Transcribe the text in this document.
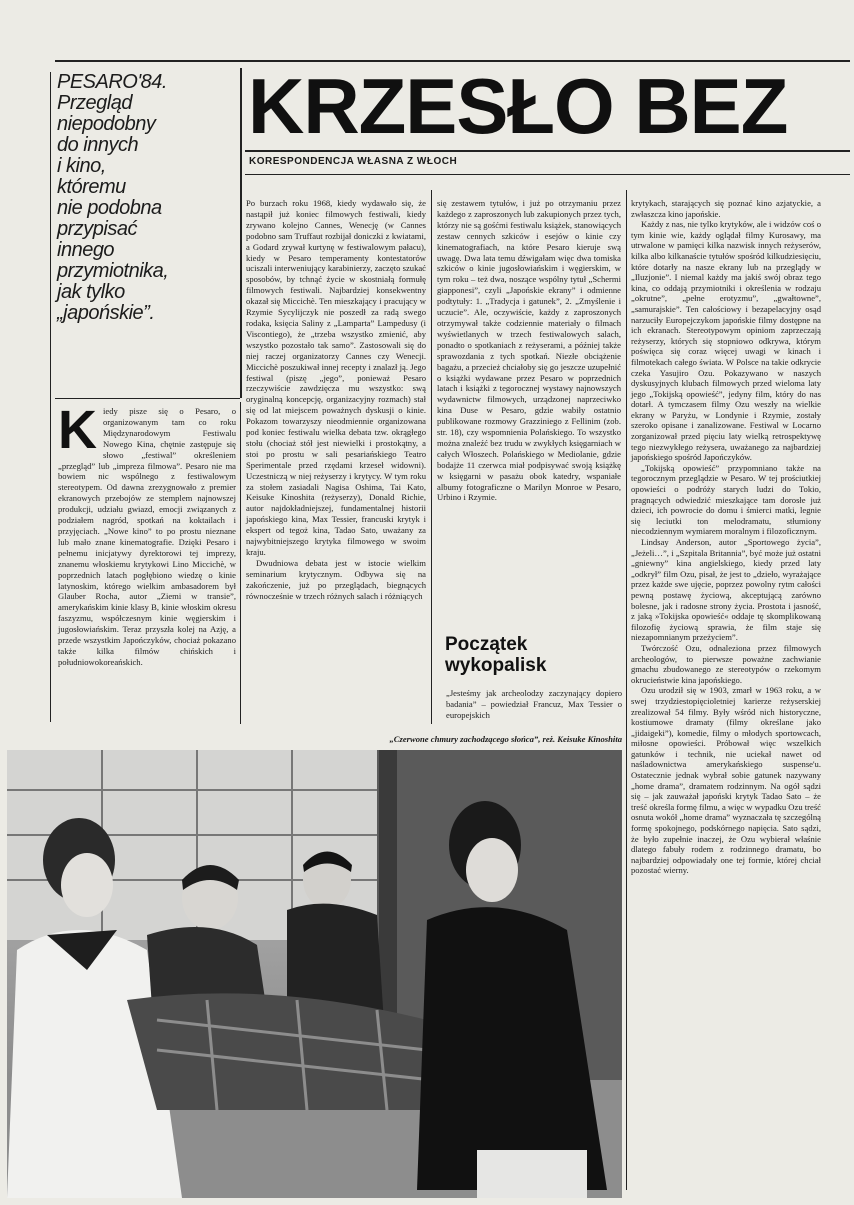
PESARO'84.
Przegląd
niepodobny
do innych
i kino,
któremu
nie podobna
przypisać
innego
przymiotnika,
jak tylko
„japońskie”.
KRZESŁO BEZ
KORESPONDENCJA WŁASNA Z WŁOCH

Kiedy pisze się o Pesaro, o organizowanym tam co roku Międzynarodowym Festiwalu Nowego Kina, chętnie zastępuje się słowo „festiwal” określeniem „przegląd” lub „impreza filmowa”. Pesaro nie ma bowiem nic wspólnego z festiwalowym stereotypem. Od dawna zrezygnowało z premier ekranowych przebojów ze stemplem najnowszej produkcji, udziału gwiazd, emocji związanych z podziałem nagród, spotkań na koktailach i przyjęciach. „Nowe kino” to po prostu nieznane lub mało znane kinematografie. Dzięki Pesaro i pełnemu inicjatywy dyrektorowi tej imprezy, znanemu włoskiemu krytykowi Lino Miccichè, w poprzednich latach pogłębiono wiedzę o kinie latynoskim, którego wielkim ambasadorem był Glauber Rocha, autor „Ziemi w transie”, amerykańskim kinie klasy B, kinie włoskim okresu faszyzmu, współczesnym kinie węgierskim i jugosłowiańskim. Teraz przyszła kolej na Azję, a przede wszystkim Japończyków, chociaż pokazano także kilka filmów chińskich i południowokoreańskich.

Po burzach roku 1968, kiedy wydawało się, że nastąpił już koniec filmowych festiwali, kiedy zrywano kolejno Cannes, Wenecję (w Cannes podobno sam Truffaut rozbijał doniczki z kwiatami, a Godard zrywał kurtynę w festiwalowym pałacu), kiedy w Pesaro temperamenty kontestatorów uciszali interweniujący karabinierzy, zaczęto szukać sposobów, by tchnąć życie w skostniałą formułę filmowych festiwali. Najbardziej konsekwentny okazał się Miccichè. Ten mieszkający i pracujący w Rzymie Sycylijczyk nie poszedł za radą swego rodaka, księcia Saliny z „Lamparta” Lampedusy (i Viscontiego), że „trzeba wszystko zmienić, aby wszystko pozostało tak samo”. Zastosowali się do niej raczej organizatorzy Cannes czy Wenecji. Miccichè poszukiwał innej recepty i znalazł ją. Jego festiwal (piszę „jego”, ponieważ Pesaro rzeczywiście zawdzięcza mu wszystko: swą oryginalną koncepcję, organizacyjny rozmach) stał się od lat miejscem poważnych dyskusji o kinie. Pokazom towarzyszy nieodmiennie organizowana pod koniec festiwalu wielka debata tzw. okrągłego stołu (chociaż stół jest niewielki i prostokątny, a stoi po prostu w sali pesariańskiego Teatro Sperimentale przed rzędami krzeseł widowni). Uczestniczą w niej reżyserzy i krytycy. W tym roku za stołem zasiadali Nagisa Oshima, Tai Kato, Keisuke Kinoshita (reżyserzy), Donald Richie, autor najdokładniejszej, fundamentalnej historii japońskiego kina, Max Tessier, francuski krytyk i ekspert od tegoż kina, Tadao Sato, uważany za najwybitniejszego krytyka filmowego w swoim kraju.

Dwudniowa debata jest w istocie wielkim seminarium krytycznym. Odbywa się na zakończenie, już po przeglądach, biegnących równocześnie w trzech różnych salach i różniących

się zestawem tytułów, i już po otrzymaniu przez każdego z zaproszonych lub zakupionych przez tych, którzy nie są gośćmi festiwalu książek, stanowiących zestaw cennych szkiców i esejów o kinie czy kinematografiach, na które Pesaro kieruje swą uwagę. Dwa lata temu dźwigałam więc dwa tomiska szkiców o kinie jugosłowiańskim i węgierskim, w tym roku – też dwa, noszące wspólny tytuł „Schermi giapponesi”, czyli „Japońskie ekrany” i odmienne podtytuły: 1. „Tradycja i gatunek”, 2. „Zmyślenie i uczucie”. Ale, oczywiście, każdy z zaproszonych otrzymywał także codziennie materiały o filmach wyświetlanych w trzech festiwalowych salach, ponadto o spotkaniach z reżyserami, a później także sprawozdania z tych spotkań. Niezłe obciążenie bagażu, a przecież chciałoby się go jeszcze uzupełnić o książki wydawane przez Pesaro w poprzednich latach i książki z tegorocznej wystawy najnowszych wydawnictw filmowych, urządzonej naprzeciwko kina Duse w Pesaro, gdzie wabiły ostatnio publikowane rozmowy Grazziniego z Fellinim (zob. str. 18), czy wspomnienia Polańskiego. To wszystko można znaleźć bez trudu w zwykłych księgarniach w całych Włoszech. Polańskiego w Mediolanie, gdzie bodajże 11 czerwca miał podpisywać swoją książkę w księgarni w pasażu obok katedry, wspaniałe albumy fotograficzne o Marilyn Monroe w Pesaro, Urbino i Rzymie.

Początek
wykopalisk

„Jesteśmy jak archeolodzy zaczynający dopiero badania” – powiedział Francuz, Max Tessier o europejskich

krytykach, starających się poznać kino azjatyckie, a zwłaszcza kino japońskie.

Każdy z nas, nie tylko krytyków, ale i widzów coś o tym kinie wie, każdy oglądał filmy Kurosawy, ma utrwalone w pamięci kilka nazwisk innych reżyserów, kilka albo kilkanaście tytułów spośród kilkudziesięciu, które dotarły na nasze ekrany lub na przeglądy w „Iluzjonie”. I niemal każdy ma jakiś swój obraz tego kina, co oddają przymiotniki i określenia w rodzaju „okrutne”, „pełne erotyzmu”, „gwałtowne”, „samurajskie”. Ten całościowy i bezapelacyjny osąd narzuciły Europejczykom japońskie filmy dostępne na ich ekranach. Stereotypowym opiniom zaprzeczają reżyserzy, których się stopniowo odkrywa, którym poświęca się coraz więcej uwagi w kinach i filmotekach całego świata. W Polsce na takie odkrycie czeka Yasujiro Ozu. Pokazywano w naszych dyskusyjnych klubach filmowych przed wieloma laty jego „Tokijską opowieść”, jedyny film, który do nas dotarł. A tymczasem filmy Ozu weszły na wielkie ekrany w Paryżu, w Londynie i Rzymie, zostały szeroko opisane i zanalizowane. Festiwal w Locarno zorganizował przed pięciu laty wielką retrospektywę tego niezwykłego reżysera, uważanego za najbardziej japońskiego spośród Japończyków.

„Tokijską opowieść” przypomniano także na tegorocznym przeglądzie w Pesaro. W tej prościutkiej opowieści o podróży starych ludzi do Tokio, pragnących odwiedzić mieszkające tam dorosłe już dzieci, ich powrocie do domu i śmierci matki, legnie się leciutki ton melodramatu, stłumiony niecodziennym wymiarem moralnym i filozoficznym.

Lindsay Anderson, autor „Sportowego życia”, „Jeżeli…”, i „Szpitala Britannia”, być może już ostatni „gniewny” kina angielskiego, kiedy przed laty „odkrył” film Ozu, pisał, że jest to „dzieło, wyrażające przez każde swe ujęcie, poprzez powolny rytm całości pewną postawę życiową, akceptującą zarówno bolesne, jak i radosne strony życia. Prostota i jasność, z jaką »Tokijska opowieść« oddaje tę skomplikowaną filozofię życiową sprawia, że film staje się niezapomnianym przeżyciem”.

Twórczość Ozu, odnaleziona przez filmowych archeologów, to pierwsze poważne zachwianie gmachu zbudowanego ze stereotypów o rzekomym okrucieństwie kina japońskiego.

Ozu urodził się w 1903, zmarł w 1963 roku, a w swej trzydziestopięcioletniej karierze reżyserskiej zrealizował 54 filmy. Były wśród nich historyczne, kostiumowe dramaty (filmy określane jako „jidaigeki”), komedie, filmy o młodych sportowcach, miłosne opowieści. Próbował więc wszelkich gatunków i technik, nie uciekał nawet od naśladownictwa amerykańskiego suspense'u. Ostatecznie jednak wybrał sobie gatunek nazywany „home drama”, dramatem rodzinnym. Na ogół sądzi się – jak zauważał japoński krytyk Tadao Sato – że treść określa formę filmu, a więc w wypadku Ozu treść osnuta wokół „home drama” wyznaczała tę szczególną formę spokojnego, podskórnego napięcia. Sato sądzi, że było zupełnie inaczej, że Ozu wybierał właśnie dlatego fabuły rodem z rodzinnego dramatu, bo najbardziej odpowiadały one tej formie, której chciał pozostać wierny.

„Czerwone chmury zachodzącego słońca”, reż. Keisuke Kinoshita
